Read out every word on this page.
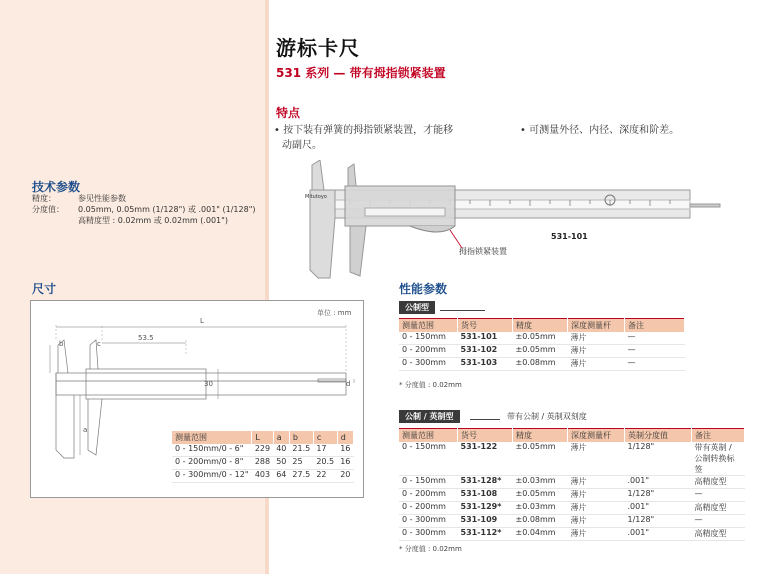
游标卡尺
531 系列 — 带有拇指锁紧装置
特点
• 按下装有弹簧的拇指锁紧装置，才能移
动副尺。
• 可测量外径、内径、深度和阶差。
Mitutoyo
拇指锁紧装置
531-101
技术参数
精度：	参见性能参数
分度值： 0.05mm, 0.05mm (1/128") 或 .001" (1/128")
高精度型 : 0.02mm 或 0.02mm (.001")
尺寸
单位 : mm
L
53.5
30
a
b	c
d
测量范围	L	a	b	c	d
0 - 150mm/0 - 6"	229	40	21.5	17	16
0 - 200mm/0 - 8"	288	50	25	20.5	16
0 - 300mm/0 - 12"	403	64	27.5	22	20
性能参数
公制型
测量范围	货号	精度	深度测量杆	备注
0 - 150mm	531-101	±0.05mm	薄片	—
0 - 200mm	531-102	±0.05mm	薄片	—
0 - 300mm	531-103	±0.08mm	薄片	—
* 分度值 : 0.02mm
公制 / 英制型	带有公制 / 英制双刻度
测量范围	货号	精度	深度测量杆	英制分度值	备注
0 - 150mm	531-122	±0.05mm	薄片	1/128"	带有英制 / 公制转换标签
0 - 150mm	531-128*	±0.03mm	薄片	.001"	高精度型
0 - 200mm	531-108	±0.05mm	薄片	1/128"	—
0 - 200mm	531-129*	±0.03mm	薄片	.001"	高精度型
0 - 300mm	531-109	±0.08mm	薄片	1/128"	—
0 - 300mm	531-112*	±0.04mm	薄片	.001"	高精度型
* 分度值 : 0.02mm
